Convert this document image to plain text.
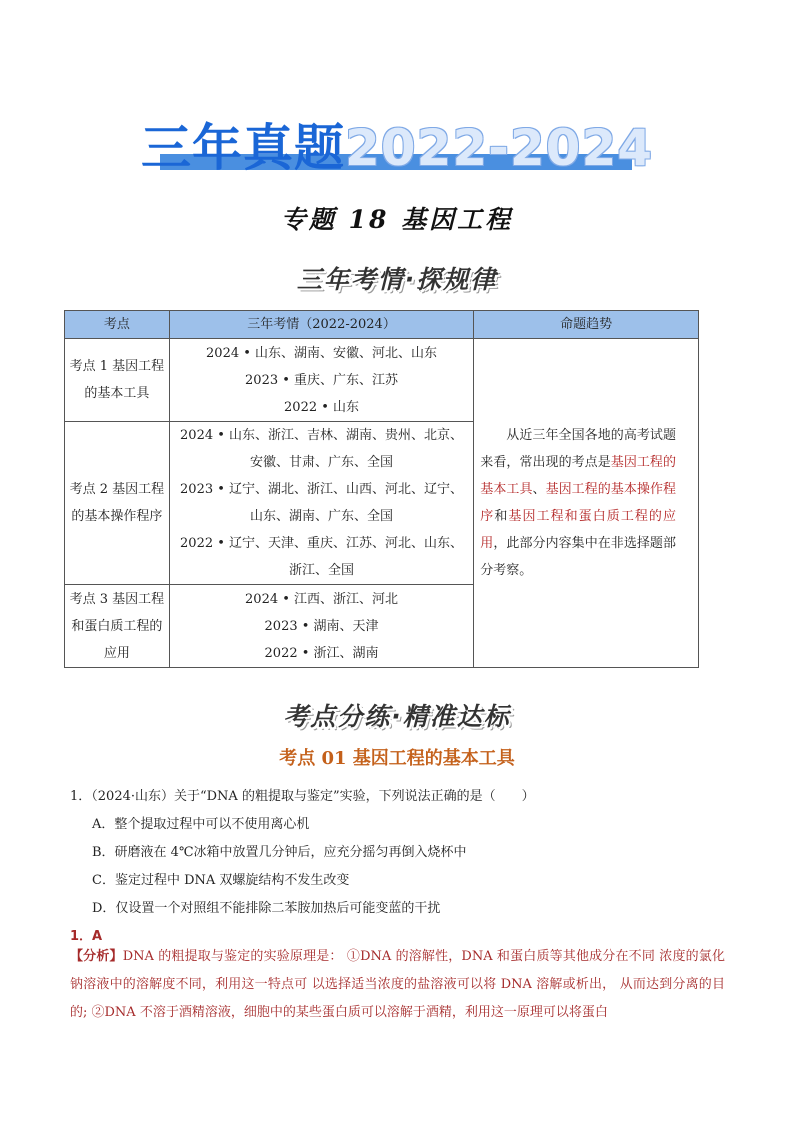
三年真题2022-2024
专题 18 基因工程
三年考情·探规律
考点	三年考情（2022-2024）	命题趋势
考点 1 基因工程的基本工具	2024 • 山东、湖南、安徽、河北、山东
2023 • 重庆、广东、江苏
2022 • 山东	从近三年全国各地的高考试题来看，常出现的考点是基因工程的基本工具、基因工程的基本操作程序和基因工程和蛋白质工程的应用，此部分内容集中在非选择题部分考察。
考点 2 基因工程的基本操作程序	2024 • 山东、浙江、吉林、湖南、贵州、北京、安徽、甘肃、广东、全国
2023 • 辽宁、湖北、浙江、山西、河北、辽宁、山东、湖南、广东、全国
2022 • 辽宁、天津、重庆、江苏、河北、山东、浙江、全国	

考点 3 基因工程和蛋白质工程的应用	2024 • 江西、浙江、河北
2023 • 湖南、天津
2022 • 浙江、湖南	
考点分练·精准达标
考点 01 基因工程的基本工具
1．（2024·山东）关于“DNA 的粗提取与鉴定”实验，下列说法正确的是（　　）
A．整个提取过程中可以不使用离心机
B．研磨液在 4℃冰箱中放置几分钟后，应充分摇匀再倒入烧杯中
C．鉴定过程中 DNA 双螺旋结构不发生改变
D．仅设置一个对照组不能排除二苯胺加热后可能变蓝的干扰
1．A
【分析】DNA 的粗提取与鉴定的实验原理是： ①DNA 的溶解性，DNA 和蛋白质等其他成分在不同 浓度的氯化钠溶液中的溶解度不同，利用这一特点可 以选择适当浓度的盐溶液可以将 DNA 溶解或析出， 从而达到分离的目的; ②DNA 不溶于酒精溶液，细胞中的某些蛋白质可以溶解于酒精，利用这一原理可以将蛋白
